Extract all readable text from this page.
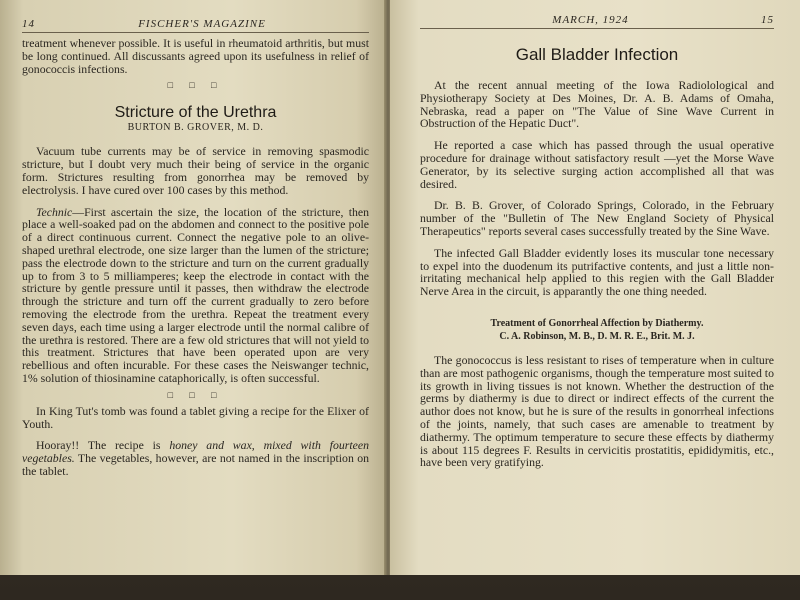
14	FISCHER'S MAGAZINE

treatment whenever possible. It is useful in rheumatoid arthritis, but must be long continued. All discussants agreed upon its usefulness in relief of gonococcis infections.

□ □ □
Stricture of the Urethra
BURTON B. GROVER, M. D.

Vacuum tube currents may be of service in removing spasmodic stricture, but I doubt very much their being of service in the organic form. Strictures resulting from gonorrhea may be removed by electrolysis. I have cured over 100 cases by this method.

Technic—First ascertain the size, the location of the stricture, then place a well-soaked pad on the abdomen and connect to the positive pole of a direct continuous current. Connect the negative pole to an olive-shaped urethral electrode, one size larger than the lumen of the stricture; pass the electrode down to the stricture and turn on the current gradually up to from 3 to 5 milliamperes; keep the electrode in contact with the stricture by gentle pressure until it passes, then withdraw the electrode through the stricture and turn off the current gradually to zero before removing the electrode from the urethra. Repeat the treatment every seven days, each time using a larger electrode until the normal calibre of the urethra is restored. There are a few old strictures that will not yield to this treatment. Strictures that have been operated upon are very rebellious and often incurable. For these cases the Neiswanger technic, 1% solution of thiosinamine cataphorically, is often successful.

□ □ □

In King Tut's tomb was found a tablet giving a recipe for the Elixer of Youth.

Hooray!! The recipe is honey and wax, mixed with fourteen vegetables. The vegetables, however, are not named in the inscription on the tablet.

MARCH, 1924	15
Gall Bladder Infection

At the recent annual meeting of the Iowa Radiolological and Physiotherapy Society at Des Moines, Dr. A. B. Adams of Omaha, Nebraska, read a paper on "The Value of Sine Wave Current in Obstruction of the Hepatic Duct".

He reported a case which has passed through the usual operative procedure for drainage without satisfactory result —yet the Morse Wave Generator, by its selective surging action accomplished all that was desired.

Dr. B. B. Grover, of Colorado Springs, Colorado, in the February number of the "Bulletin of The New England Society of Physical Therapeutics" reports several cases successfully treated by the Sine Wave.

The infected Gall Bladder evidently loses its muscular tone necessary to expel into the duodenum its putrifactive contents, and just a little non-irritating mechanical help applied to this regien with the Gall Bladder Nerve Area in the circuit, is apparantly the one thing needed.

Treatment of Gonorrheal Affection by Diathermy.
C. A. Robinson, M. B., D. M. R. E., Brit. M. J.

The gonococcus is less resistant to rises of temperature when in culture than are most pathogenic organisms, though the temperature most suited to its growth in living tissues is not known. Whether the destruction of the germs by diathermy is due to direct or indirect effects of the current the author does not know, but he is sure of the results in gonorrheal infections of the joints, namely, that such cases are amenable to treatment by diathermy. The optimum temperature to secure these effects by diathermy is about 115 degrees F. Results in cervicitis prostatitis, epididymitis, etc., have been very gratifying.
